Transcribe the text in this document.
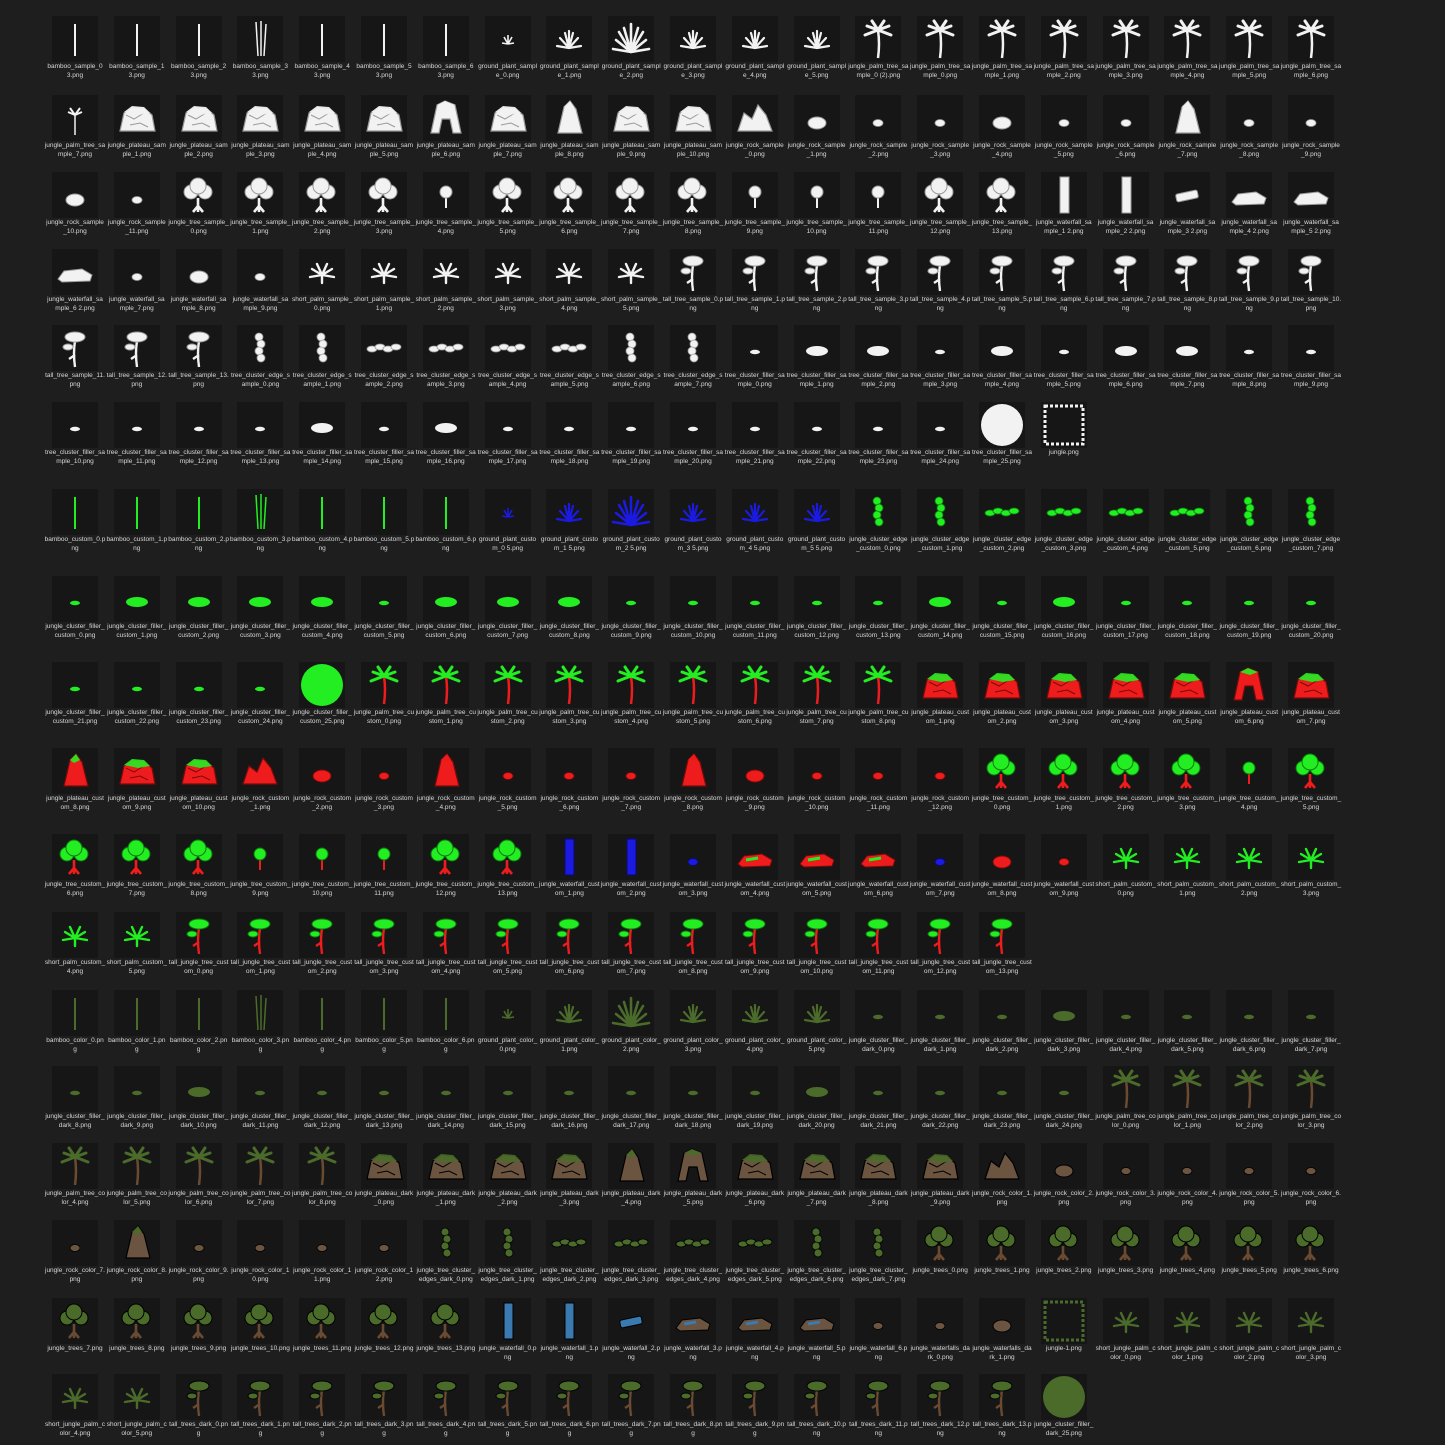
bamboo_sample_0 3.png
bamboo_sample_1 3.png
bamboo_sample_2 3.png
bamboo_sample_3 3.png
bamboo_sample_4 3.png
bamboo_sample_5 3.png
bamboo_sample_6 3.png
ground_plant_sample_0.png
ground_plant_sample_1.png
ground_plant_sample_2.png
ground_plant_sample_3.png
ground_plant_sample_4.png
ground_plant_sample_5.png
jungle_palm_tree_sample_0 (2).png
jungle_palm_tree_sample_0.png
jungle_palm_tree_sample_1.png
jungle_palm_tree_sample_2.png
jungle_palm_tree_sample_3.png
jungle_palm_tree_sample_4.png
jungle_palm_tree_sample_5.png
jungle_palm_tree_sample_6.png
jungle_palm_tree_sample_7.png
jungle_plateau_sample_1.png
jungle_plateau_sample_2.png
jungle_plateau_sample_3.png
jungle_plateau_sample_4.png
jungle_plateau_sample_5.png
jungle_plateau_sample_6.png
jungle_plateau_sample_7.png
jungle_plateau_sample_8.png
jungle_plateau_sample_9.png
jungle_plateau_sample_10.png
jungle_rock_sample_0.png
jungle_rock_sample_1.png
jungle_rock_sample_2.png
jungle_rock_sample_3.png
jungle_rock_sample_4.png
jungle_rock_sample_5.png
jungle_rock_sample_6.png
jungle_rock_sample_7.png
jungle_rock_sample_8.png
jungle_rock_sample_9.png
jungle_rock_sample_10.png
jungle_rock_sample_11.png
jungle_tree_sample_0.png
jungle_tree_sample_1.png
jungle_tree_sample_2.png
jungle_tree_sample_3.png
jungle_tree_sample_4.png
jungle_tree_sample_5.png
jungle_tree_sample_6.png
jungle_tree_sample_7.png
jungle_tree_sample_8.png
jungle_tree_sample_9.png
jungle_tree_sample_10.png
jungle_tree_sample_11.png
jungle_tree_sample_12.png
jungle_tree_sample_13.png
jungle_waterfall_sample_1 2.png
jungle_waterfall_sample_2 2.png
jungle_waterfall_sample_3 2.png
jungle_waterfall_sample_4 2.png
jungle_waterfall_sample_5 2.png
jungle_waterfall_sample_6 2.png
jungle_waterfall_sample_7.png
jungle_waterfall_sample_8.png
jungle_waterfall_sample_9.png
short_palm_sample_0.png
short_palm_sample_1.png
short_palm_sample_2.png
short_palm_sample_3.png
short_palm_sample_4.png
short_palm_sample_5.png
tall_tree_sample_0.png
tall_tree_sample_1.png
tall_tree_sample_2.png
tall_tree_sample_3.png
tall_tree_sample_4.png
tall_tree_sample_5.png
tall_tree_sample_6.png
tall_tree_sample_7.png
tall_tree_sample_8.png
tall_tree_sample_9.png
tall_tree_sample_10.png
tall_tree_sample_11.png
tall_tree_sample_12.png
tall_tree_sample_13.png
tree_cluster_edge_sample_0.png
tree_cluster_edge_sample_1.png
tree_cluster_edge_sample_2.png
tree_cluster_edge_sample_3.png
tree_cluster_edge_sample_4.png
tree_cluster_edge_sample_5.png
tree_cluster_edge_sample_6.png
tree_cluster_edge_sample_7.png
tree_cluster_filler_sample_0.png
tree_cluster_filler_sample_1.png
tree_cluster_filler_sample_2.png
tree_cluster_filler_sample_3.png
tree_cluster_filler_sample_4.png
tree_cluster_filler_sample_5.png
tree_cluster_filler_sample_6.png
tree_cluster_filler_sample_7.png
tree_cluster_filler_sample_8.png
tree_cluster_filler_sample_9.png
tree_cluster_filler_sample_10.png
tree_cluster_filler_sample_11.png
tree_cluster_filler_sample_12.png
tree_cluster_filler_sample_13.png
tree_cluster_filler_sample_14.png
tree_cluster_filler_sample_15.png
tree_cluster_filler_sample_16.png
tree_cluster_filler_sample_17.png
tree_cluster_filler_sample_18.png
tree_cluster_filler_sample_19.png
tree_cluster_filler_sample_20.png
tree_cluster_filler_sample_21.png
tree_cluster_filler_sample_22.png
tree_cluster_filler_sample_23.png
tree_cluster_filler_sample_24.png
tree_cluster_filler_sample_25.png
jungle.png
bamboo_custom_0.png
bamboo_custom_1.png
bamboo_custom_2.png
bamboo_custom_3.png
bamboo_custom_4.png
bamboo_custom_5.png
bamboo_custom_6.png
ground_plant_custom_0 5.png
ground_plant_custom_1 5.png
ground_plant_custom_2 5.png
ground_plant_custom_3 5.png
ground_plant_custom_4 5.png
ground_plant_custom_5 5.png
jungle_cluster_edge_custom_0.png
jungle_cluster_edge_custom_1.png
jungle_cluster_edge_custom_2.png
jungle_cluster_edge_custom_3.png
jungle_cluster_edge_custom_4.png
jungle_cluster_edge_custom_5.png
jungle_cluster_edge_custom_6.png
jungle_cluster_edge_custom_7.png
jungle_cluster_filler_custom_0.png
jungle_cluster_filler_custom_1.png
jungle_cluster_filler_custom_2.png
jungle_cluster_filler_custom_3.png
jungle_cluster_filler_custom_4.png
jungle_cluster_filler_custom_5.png
jungle_cluster_filler_custom_6.png
jungle_cluster_filler_custom_7.png
jungle_cluster_filler_custom_8.png
jungle_cluster_filler_custom_9.png
jungle_cluster_filler_custom_10.png
jungle_cluster_filler_custom_11.png
jungle_cluster_filler_custom_12.png
jungle_cluster_filler_custom_13.png
jungle_cluster_filler_custom_14.png
jungle_cluster_filler_custom_15.png
jungle_cluster_filler_custom_16.png
jungle_cluster_filler_custom_17.png
jungle_cluster_filler_custom_18.png
jungle_cluster_filler_custom_19.png
jungle_cluster_filler_custom_20.png
jungle_cluster_filler_custom_21.png
jungle_cluster_filler_custom_22.png
jungle_cluster_filler_custom_23.png
jungle_cluster_filler_custom_24.png
jungle_cluster_filler_custom_25.png
jungle_palm_tree_custom_0.png
jungle_palm_tree_custom_1.png
jungle_palm_tree_custom_2.png
jungle_palm_tree_custom_3.png
jungle_palm_tree_custom_4.png
jungle_palm_tree_custom_5.png
jungle_palm_tree_custom_6.png
jungle_palm_tree_custom_7.png
jungle_palm_tree_custom_8.png
jungle_plateau_custom_1.png
jungle_plateau_custom_2.png
jungle_plateau_custom_3.png
jungle_plateau_custom_4.png
jungle_plateau_custom_5.png
jungle_plateau_custom_6.png
jungle_plateau_custom_7.png
jungle_plateau_custom_8.png
jungle_plateau_custom_9.png
jungle_plateau_custom_10.png
jungle_rock_custom_1.png
jungle_rock_custom_2.png
jungle_rock_custom_3.png
jungle_rock_custom_4.png
jungle_rock_custom_5.png
jungle_rock_custom_6.png
jungle_rock_custom_7.png
jungle_rock_custom_8.png
jungle_rock_custom_9.png
jungle_rock_custom_10.png
jungle_rock_custom_11.png
jungle_rock_custom_12.png
jungle_tree_custom_0.png
jungle_tree_custom_1.png
jungle_tree_custom_2.png
jungle_tree_custom_3.png
jungle_tree_custom_4.png
jungle_tree_custom_5.png
jungle_tree_custom_6.png
jungle_tree_custom_7.png
jungle_tree_custom_8.png
jungle_tree_custom_9.png
jungle_tree_custom_10.png
jungle_tree_custom_11.png
jungle_tree_custom_12.png
jungle_tree_custom_13.png
jungle_waterfall_custom_1.png
jungle_waterfall_custom_2.png
jungle_waterfall_custom_3.png
jungle_waterfall_custom_4.png
jungle_waterfall_custom_5.png
jungle_waterfall_custom_6.png
jungle_waterfall_custom_7.png
jungle_waterfall_custom_8.png
jungle_waterfall_custom_9.png
short_palm_custom_0.png
short_palm_custom_1.png
short_palm_custom_2.png
short_palm_custom_3.png
short_palm_custom_4.png
short_palm_custom_5.png
tall_jungle_tree_custom_0.png
tall_jungle_tree_custom_1.png
tall_jungle_tree_custom_2.png
tall_jungle_tree_custom_3.png
tall_jungle_tree_custom_4.png
tall_jungle_tree_custom_5.png
tall_jungle_tree_custom_6.png
tall_jungle_tree_custom_7.png
tall_jungle_tree_custom_8.png
tall_jungle_tree_custom_9.png
tall_jungle_tree_custom_10.png
tall_jungle_tree_custom_11.png
tall_jungle_tree_custom_12.png
tall_jungle_tree_custom_13.png
bamboo_color_0.png
bamboo_color_1.png
bamboo_color_2.png
bamboo_color_3.png
bamboo_color_4.png
bamboo_color_5.png
bamboo_color_6.png
ground_plant_color_0.png
ground_plant_color_1.png
ground_plant_color_2.png
ground_plant_color_3.png
ground_plant_color_4.png
ground_plant_color_5.png
jungle_cluster_filler_dark_0.png
jungle_cluster_filler_dark_1.png
jungle_cluster_filler_dark_2.png
jungle_cluster_filler_dark_3.png
jungle_cluster_filler_dark_4.png
jungle_cluster_filler_dark_5.png
jungle_cluster_filler_dark_6.png
jungle_cluster_filler_dark_7.png
jungle_cluster_filler_dark_8.png
jungle_cluster_filler_dark_9.png
jungle_cluster_filler_dark_10.png
jungle_cluster_filler_dark_11.png
jungle_cluster_filler_dark_12.png
jungle_cluster_filler_dark_13.png
jungle_cluster_filler_dark_14.png
jungle_cluster_filler_dark_15.png
jungle_cluster_filler_dark_16.png
jungle_cluster_filler_dark_17.png
jungle_cluster_filler_dark_18.png
jungle_cluster_filler_dark_19.png
jungle_cluster_filler_dark_20.png
jungle_cluster_filler_dark_21.png
jungle_cluster_filler_dark_22.png
jungle_cluster_filler_dark_23.png
jungle_cluster_filler_dark_24.png
jungle_palm_tree_color_0.png
jungle_palm_tree_color_1.png
jungle_palm_tree_color_2.png
jungle_palm_tree_color_3.png
jungle_palm_tree_color_4.png
jungle_palm_tree_color_5.png
jungle_palm_tree_color_6.png
jungle_palm_tree_color_7.png
jungle_palm_tree_color_8.png
jungle_plateau_dark_0.png
jungle_plateau_dark_1.png
jungle_plateau_dark_2.png
jungle_plateau_dark_3.png
jungle_plateau_dark_4.png
jungle_plateau_dark_5.png
jungle_plateau_dark_6.png
jungle_plateau_dark_7.png
jungle_plateau_dark_8.png
jungle_plateau_dark_9.png
jungle_rock_color_1.png
jungle_rock_color_2.png
jungle_rock_color_3.png
jungle_rock_color_4.png
jungle_rock_color_5.png
jungle_rock_color_6.png
jungle_rock_color_7.png
jungle_rock_color_8.png
jungle_rock_color_9.png
jungle_rock_color_10.png
jungle_rock_color_11.png
jungle_rock_color_12.png
jungle_tree_cluster_edges_dark_0.png
jungle_tree_cluster_edges_dark_1.png
jungle_tree_cluster_edges_dark_2.png
jungle_tree_cluster_edges_dark_3.png
jungle_tree_cluster_edges_dark_4.png
jungle_tree_cluster_edges_dark_5.png
jungle_tree_cluster_edges_dark_6.png
jungle_tree_cluster_edges_dark_7.png
jungle_trees_0.png	jungle_trees_1.png	jungle_trees_2.png	jungle_trees_3.png	jungle_trees_4.png	jungle_trees_5.png	jungle_trees_6.png
jungle_trees_7.png	jungle_trees_8.png	jungle_trees_9.png jungle_trees_10.png jungle_trees_11.png jungle_trees_12.png jungle_trees_13.png jungle_waterfall_0.png
jungle_waterfall_1.png
jungle_waterfall_2.png
jungle_waterfall_3.png
jungle_waterfall_4.png
jungle_waterfall_5.png
jungle_waterfall_6.png
jungle_waterfalls_dark_0.png
jungle_waterfalls_dark_1.png
jungle-1.png	short_jungle_palm_color_0.png
short_jungle_palm_color_1.png
short_jungle_palm_color_2.png
short_jungle_palm_color_3.png
short_jungle_palm_color_4.png
short_jungle_palm_color_5.png
tall_trees_dark_0.png
tall_trees_dark_1.png
tall_trees_dark_2.png
tall_trees_dark_3.png
tall_trees_dark_4.png
tall_trees_dark_5.png
tall_trees_dark_6.png
tall_trees_dark_7.png
tall_trees_dark_8.png
tall_trees_dark_9.png
tall_trees_dark_10.png
tall_trees_dark_11.png
tall_trees_dark_12.png
tall_trees_dark_13.png
jungle_cluster_filler_dark_25.png
